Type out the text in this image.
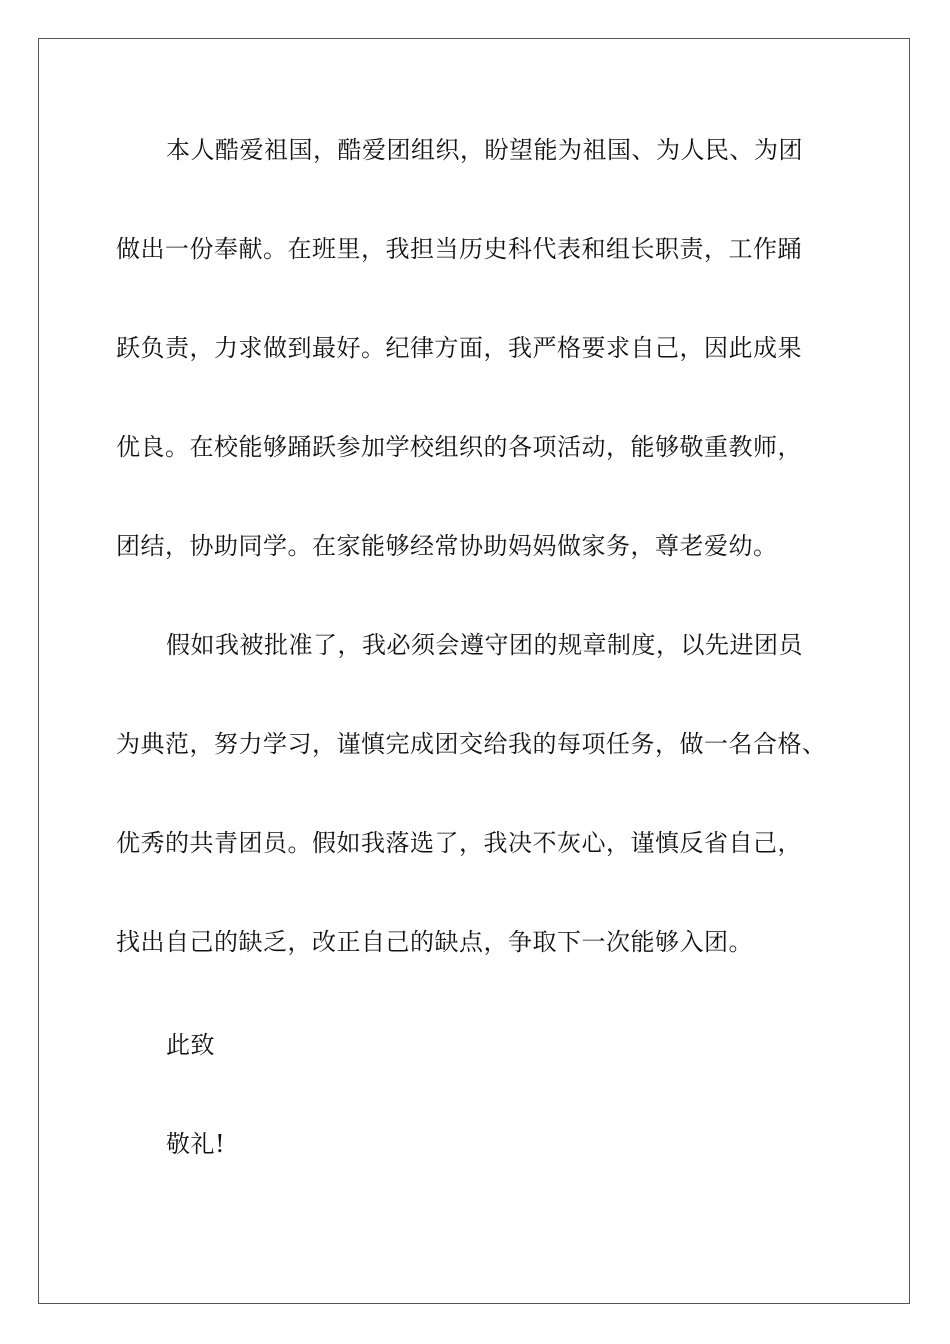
本人酷爱祖国，酷爱团组织，盼望能为祖国、为人民、为团
做出一份奉献。在班里，我担当历史科代表和组长职责，工作踊
跃负责，力求做到最好。纪律方面，我严格要求自己，因此成果
优良。在校能够踊跃参加学校组织的各项活动，能够敬重教师，
团结，协助同学。在家能够经常协助妈妈做家务，尊老爱幼。
假如我被批准了，我必须会遵守团的规章制度，以先进团员
为典范，努力学习，谨慎完成团交给我的每项任务，做一名合格、
优秀的共青团员。假如我落选了，我决不灰心，谨慎反省自己，
找出自己的缺乏，改正自己的缺点，争取下一次能够入团。
此致
敬礼!
